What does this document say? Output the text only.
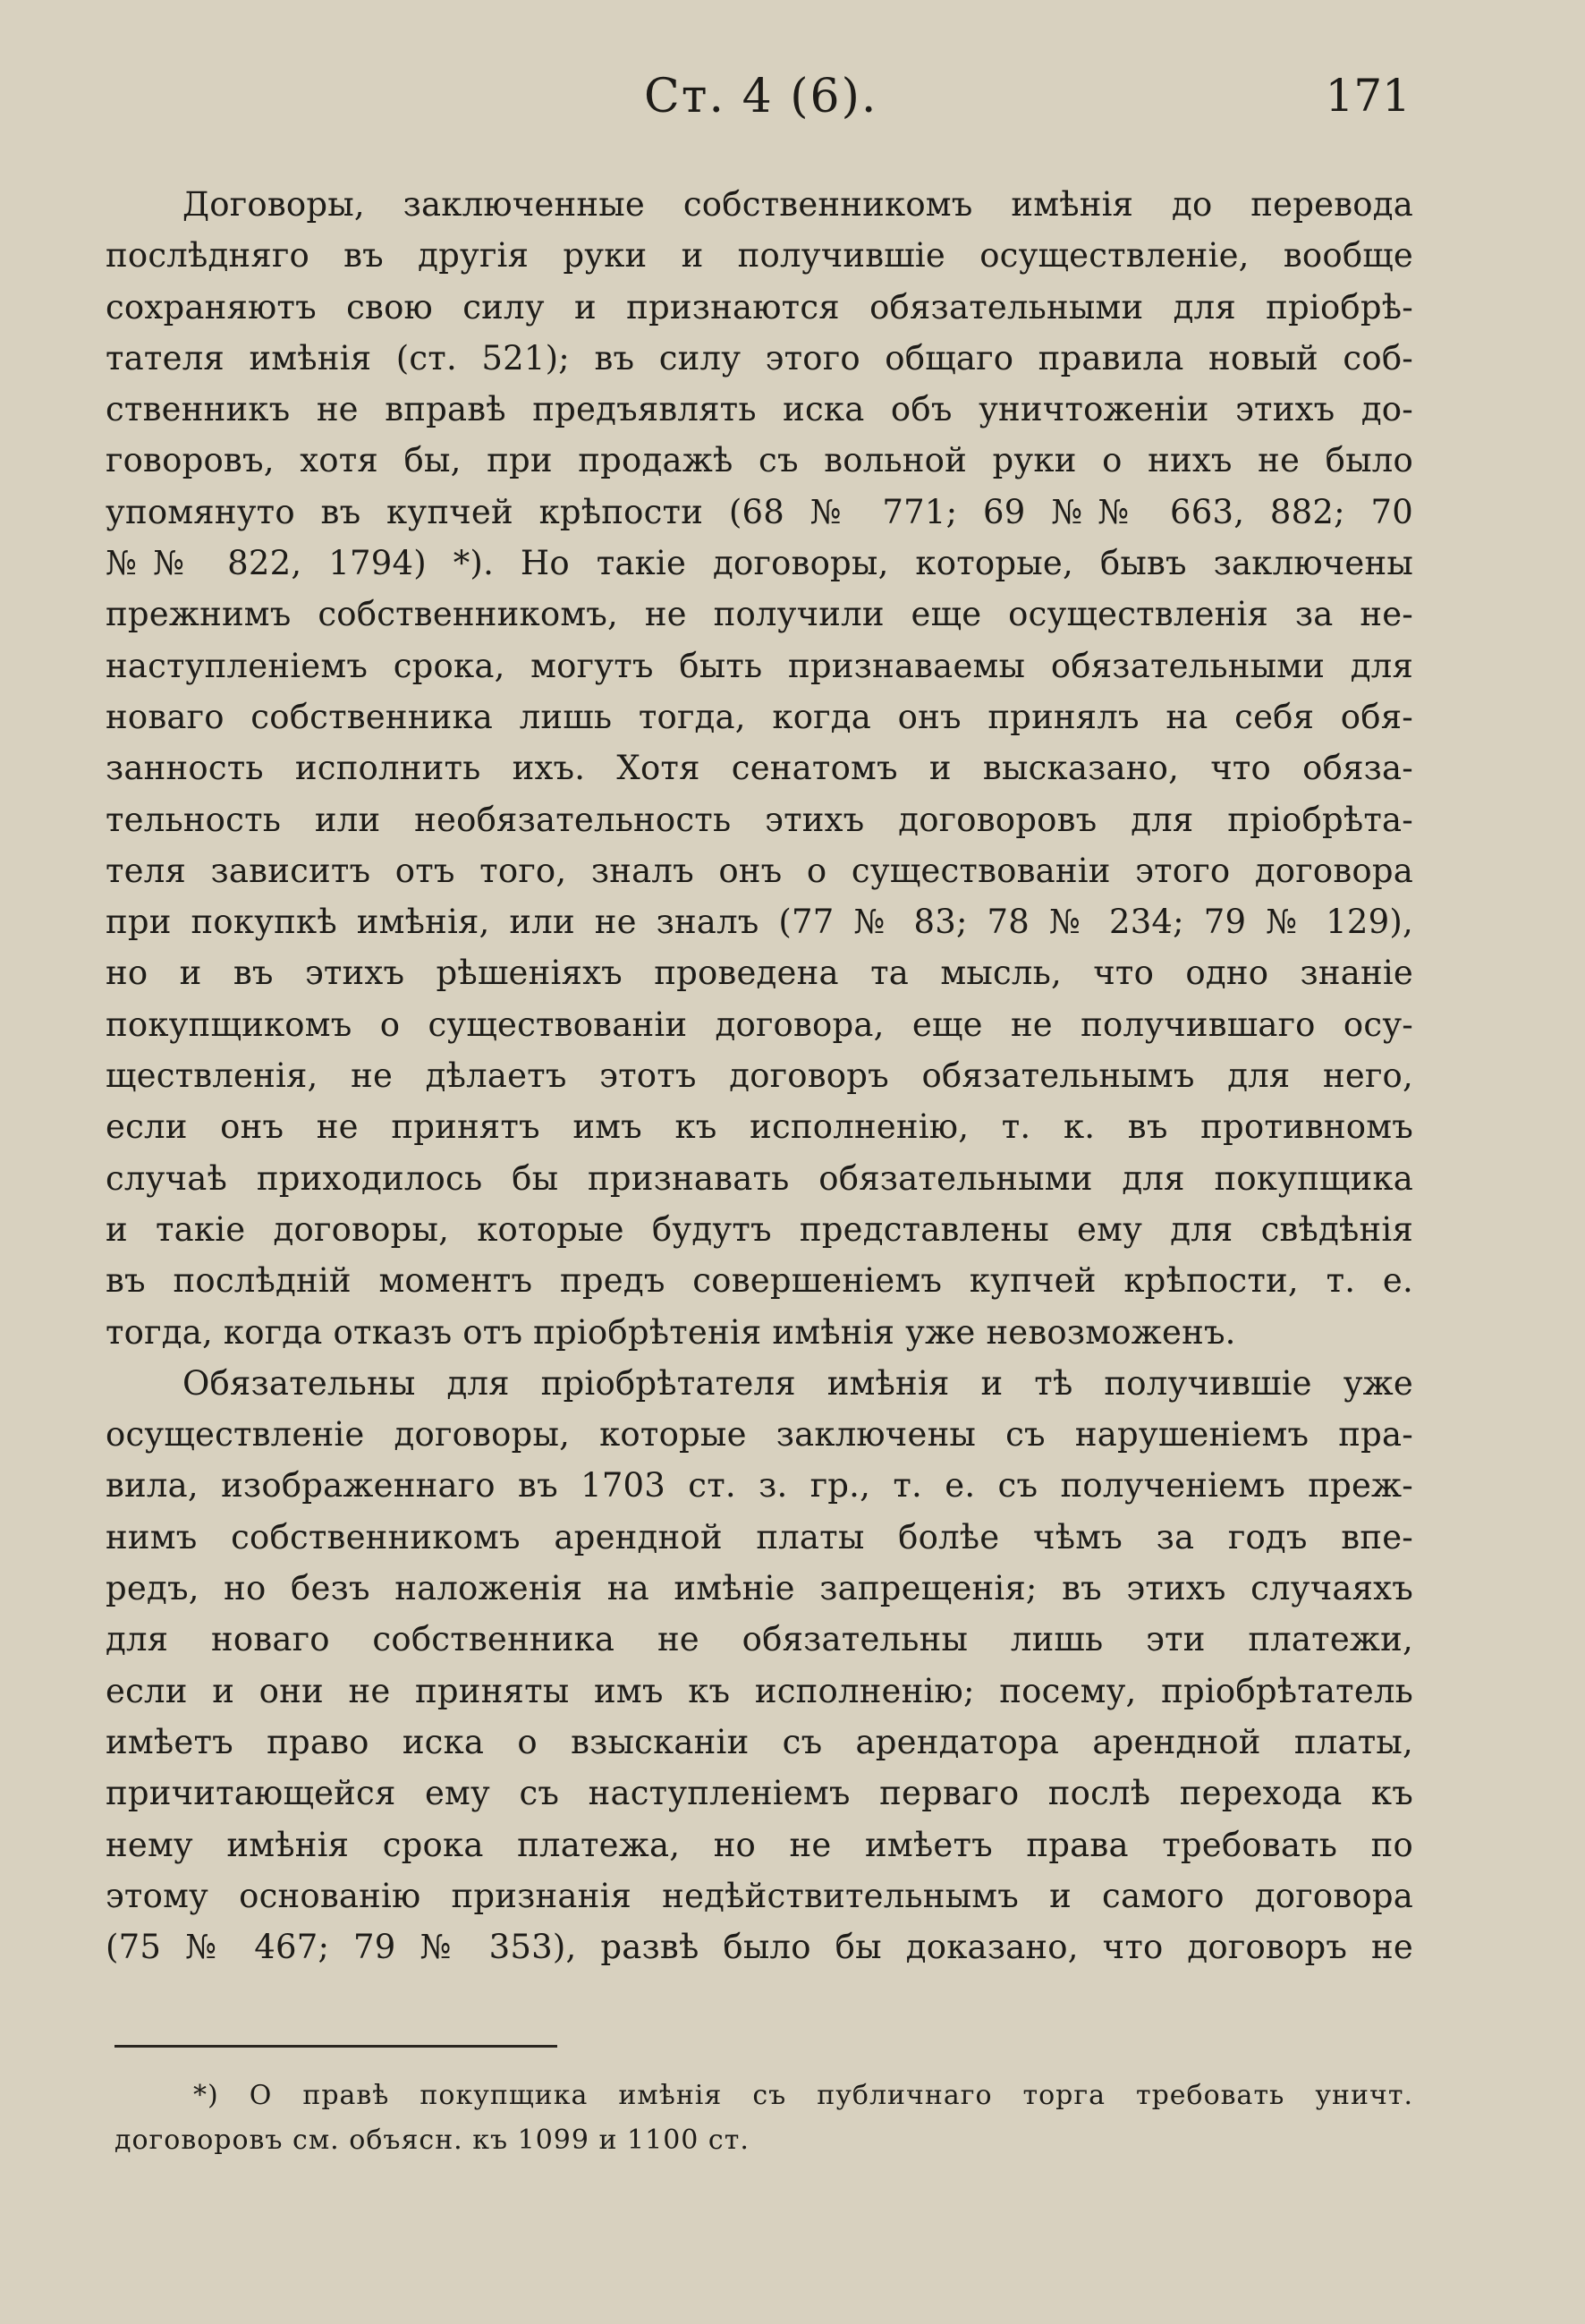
Ст. 4 (6).	171
Договоры, заключенные собственникомъ имѣнія до перевода
послѣдняго въ другія руки и получившіе осуществленіе, вообще
сохраняютъ свою силу и признаются обязательными для пріобрѣ-
тателя имѣнія (ст. 521); въ силу этого общаго правила новый соб-
ственникъ не вправѣ предъявлять иска объ уничтоженіи этихъ до-
говоровъ, хотя бы, при продажѣ съ вольной руки о нихъ не было
упомянуто въ купчей крѣпости (68 № 771; 69 №№ 663, 882; 70
№№ 822, 1794) *). Но такіе договоры, которые, бывъ заключены
прежнимъ собственникомъ, не получили еще осуществленія за не-
наступленіемъ срока, могутъ быть признаваемы обязательными для
новаго собственника лишь тогда, когда онъ принялъ на себя обя-
занность исполнить ихъ. Хотя сенатомъ и высказано, что обяза-
тельность или необязательность этихъ договоровъ для пріобрѣта-
теля зависитъ отъ того, зналъ онъ о существованіи этого договора
при покупкѣ имѣнія, или не зналъ (77 № 83; 78 № 234; 79 № 129),
но и въ этихъ рѣшеніяхъ проведена та мысль, что одно знаніе
покупщикомъ о существованіи договора, еще не получившаго осу-
ществленія, не дѣлаетъ этотъ договоръ обязательнымъ для него,
если онъ не принятъ имъ къ исполненію, т. к. въ противномъ
случаѣ приходилось бы признавать обязательными для покупщика
и такіе договоры, которые будутъ представлены ему для свѣдѣнія
въ послѣдній моментъ предъ совершеніемъ купчей крѣпости, т. е.
тогда, когда отказъ отъ пріобрѣтенія имѣнія уже невозможенъ.
Обязательны для пріобрѣтателя имѣнія и тѣ получившіе уже
осуществленіе договоры, которые заключены съ нарушеніемъ пра-
вила, изображеннаго въ 1703 ст. з. гр., т. е. съ полученіемъ преж-
нимъ собственникомъ арендной платы болѣе чѣмъ за годъ впе-
редъ, но безъ наложенія на имѣніе запрещенія; въ этихъ случаяхъ
для новаго собственника не обязательны лишь эти платежи,
если и они не приняты имъ къ исполненію; посему, пріобрѣтатель
имѣетъ право иска о взысканіи съ арендатора арендной платы,
причитающейся ему съ наступленіемъ перваго послѣ перехода къ
нему имѣнія срока платежа, но не имѣетъ права требовать по
этому основанію признанія недѣйствительнымъ и самого договора
(75 № 467; 79 № 353), развѣ было бы доказано, что договоръ не
*) О правѣ покупщика имѣнія съ публичнаго торга требовать уничт.
договоровъ см. объясн. къ 1099 и 1100 ст.
